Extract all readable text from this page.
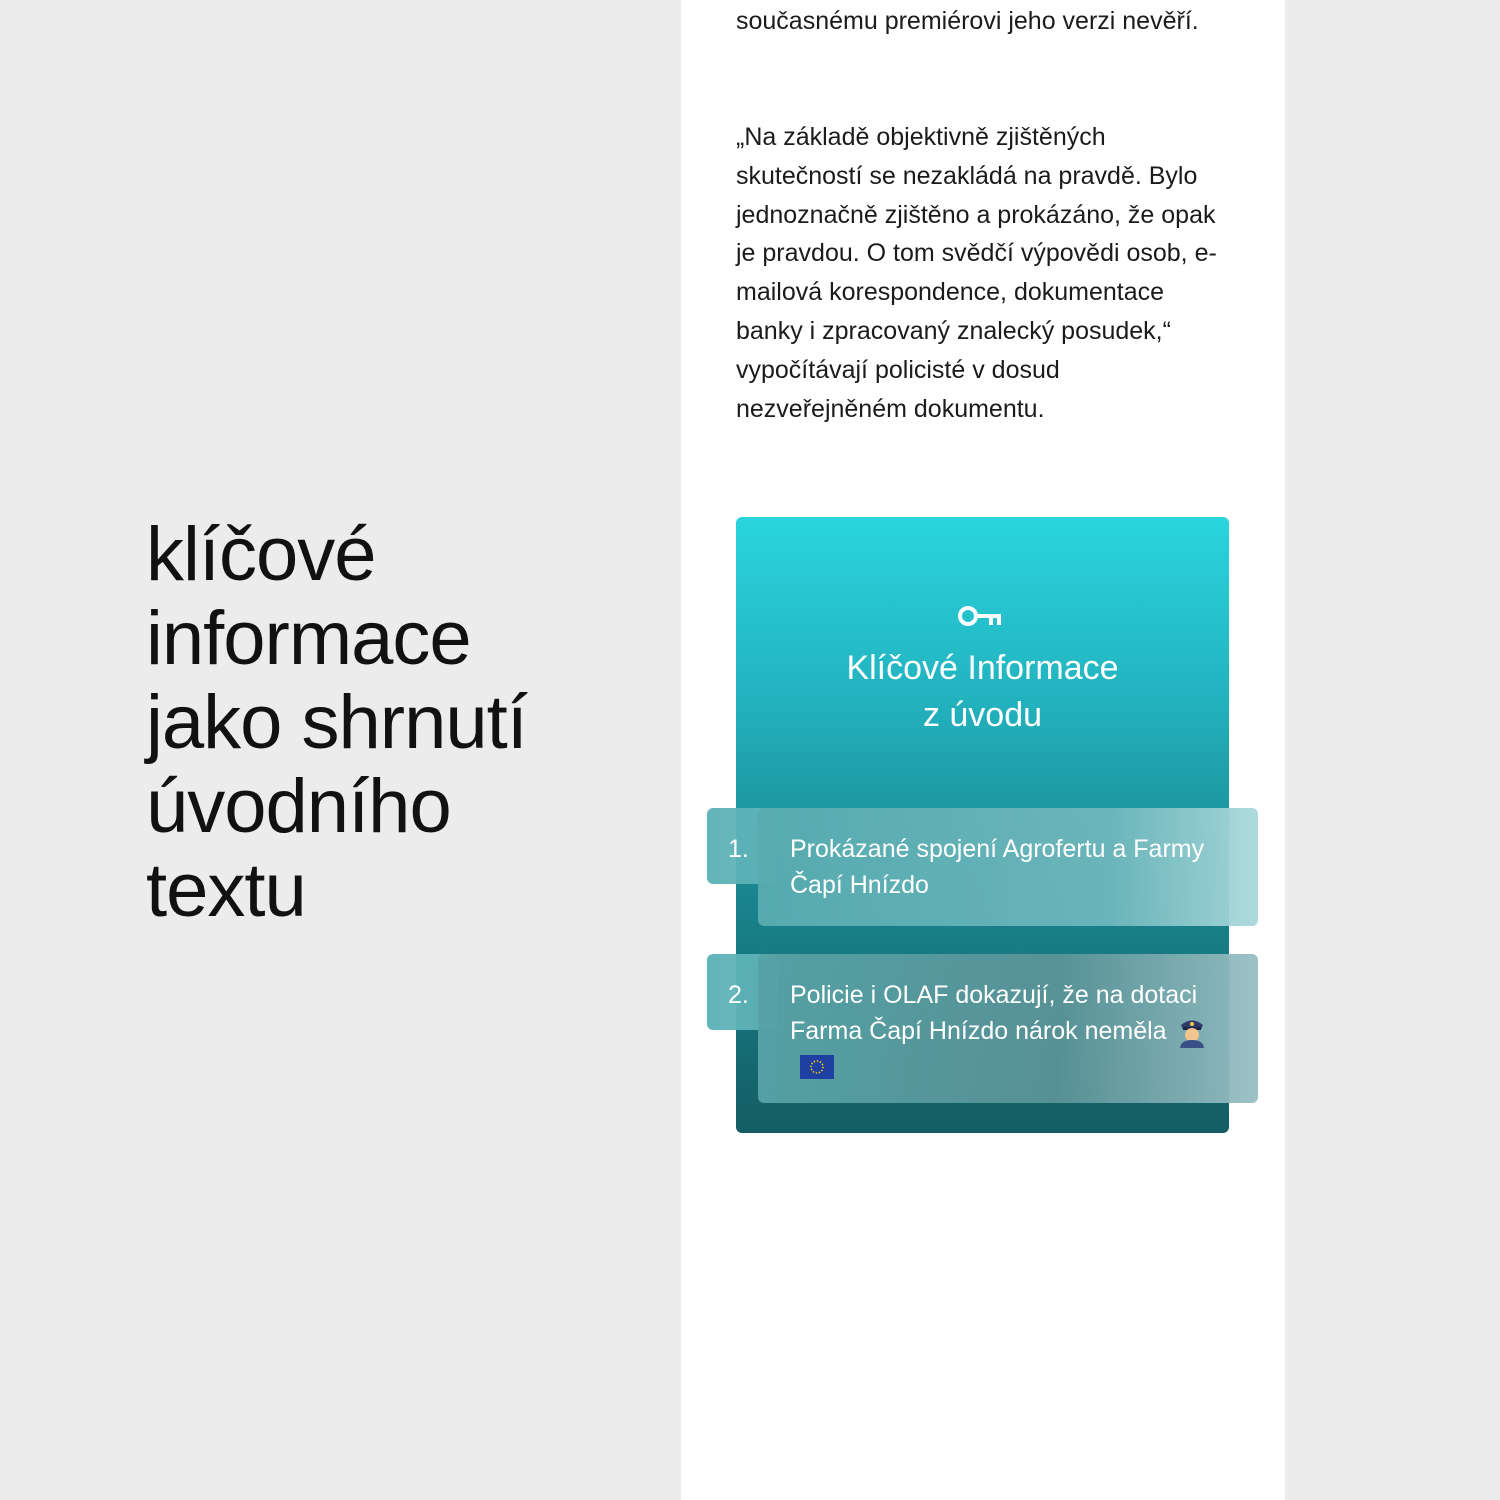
klíčové
informace
jako shrnutí
úvodního
textu

současnému premiérovi jeho verzi nevěří.

„Na základě objektivně zjištěných skutečností se nezakládá na pravdě. Bylo jednoznačně zjištěno a prokázáno, že opak je pravdou. O tom svědčí výpovědi osob, e-mailová korespondence, dokumentace banky i zpracovaný znalecký posudek,“ vypočítávají policisté v dosud nezveřejněném dokumentu.

Klíčové Informace
z úvodu
1. Prokázané spojení Agrofertu a Farmy Čapí Hnízdo

2. Policie i OLAF dokazují, že na dotaci Farma Čapí Hnízdo nárok neměla
